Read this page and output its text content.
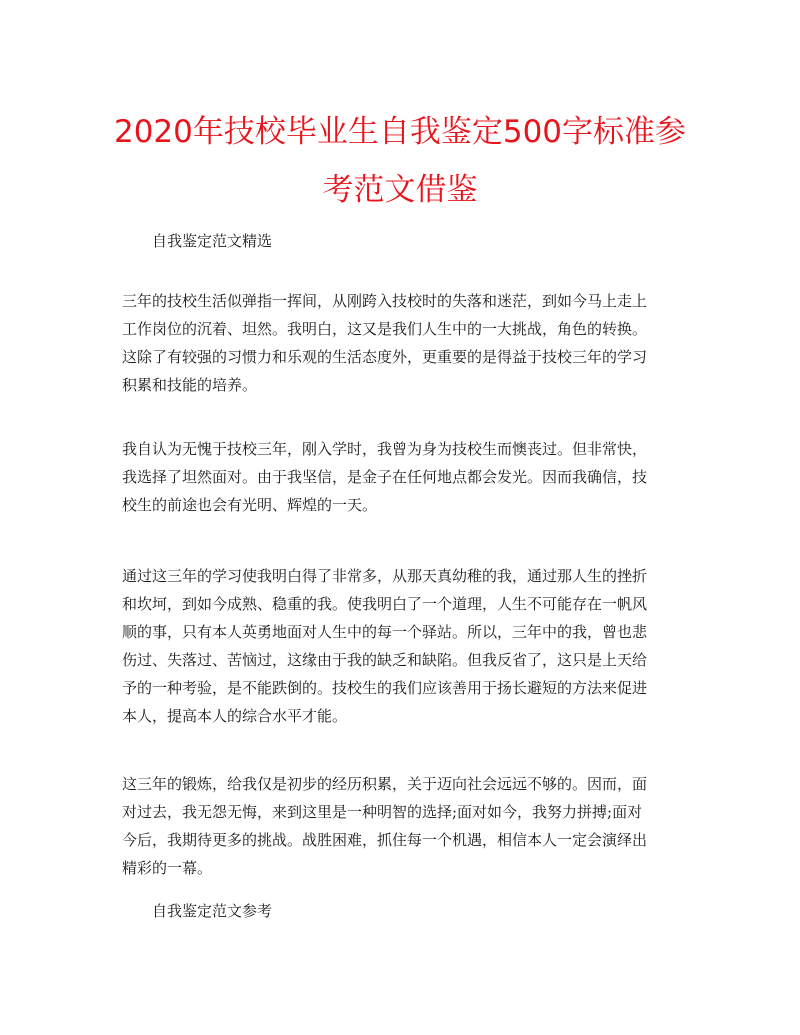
2020年技校毕业生自我鉴定500字标准参
考范文借鉴
自我鉴定范文精选
三年的技校生活似弹指一挥间，从刚跨入技校时的失落和迷茫，到如今马上走上
工作岗位的沉着、坦然。我明白，这又是我们人生中的一大挑战，角色的转换。
这除了有较强的习惯力和乐观的生活态度外，更重要的是得益于技校三年的学习
积累和技能的培养。
我自认为无愧于技校三年，刚入学时，我曾为身为技校生而懊丧过。但非常快，
我选择了坦然面对。由于我坚信，是金子在任何地点都会发光。因而我确信，技
校生的前途也会有光明、辉煌的一天。
通过这三年的学习使我明白得了非常多，从那天真幼稚的我，通过那人生的挫折
和坎坷，到如今成熟、稳重的我。使我明白了一个道理，人生不可能存在一帆风
顺的事，只有本人英勇地面对人生中的每一个驿站。所以，三年中的我，曾也悲
伤过、失落过、苦恼过，这缘由于我的缺乏和缺陷。但我反省了，这只是上天给
予的一种考验，是不能跌倒的。技校生的我们应该善用于扬长避短的方法来促进
本人，提高本人的综合水平才能。
这三年的锻炼，给我仅是初步的经历积累，关于迈向社会远远不够的。因而，面
对过去，我无怨无悔，来到这里是一种明智的选择;面对如今，我努力拼搏;面对
今后，我期待更多的挑战。战胜困难，抓住每一个机遇，相信本人一定会演绎出
精彩的一幕。
自我鉴定范文参考
